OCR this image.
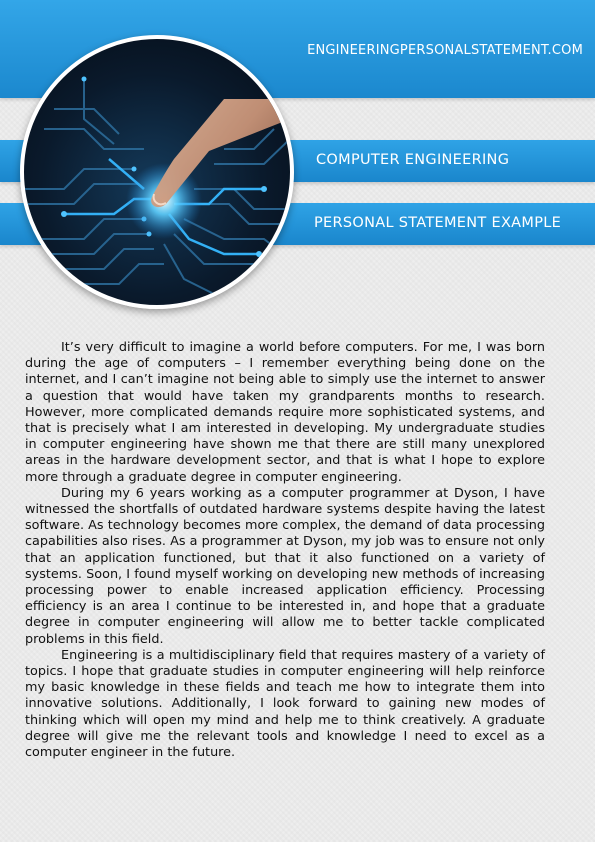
ENGINEERINGPERSONALSTATEMENT.COM
COMPUTER ENGINEERING
PERSONAL STATEMENT EXAMPLE

It’s very difficult to imagine a world before computers. For me, I was born during the age of computers – I remember everything being done on the internet, and I can’t imagine not being able to simply use the internet to answer a question that would have taken my grandparents months to research. However, more complicated demands require more sophisticated systems, and that is precisely what I am interested in developing. My undergraduate studies in computer engineering have shown me that there are still many unexplored areas in the hardware development sector, and that is what I hope to explore more through a graduate degree in computer engineering.

During my 6 years working as a computer programmer at Dyson, I have witnessed the shortfalls of outdated hardware systems despite having the latest software. As technology becomes more complex, the demand of data processing capabilities also rises. As a programmer at Dyson, my job was to ensure not only that an application functioned, but that it also functioned on a variety of systems. Soon, I found myself working on developing new methods of increasing processing power to enable increased application efficiency. Processing efficiency is an area I continue to be interested in, and hope that a graduate degree in computer engineering will allow me to better tackle complicated problems in this field.

Engineering is a multidisciplinary field that requires mastery of a variety of topics. I hope that graduate studies in computer engineering will help reinforce my basic knowledge in these fields and teach me how to integrate them into innovative solutions. Additionally, I look forward to gaining new modes of thinking which will open my mind and help me to think creatively. A graduate degree will give me the relevant tools and knowledge I need to excel as a computer engineer in the future.
